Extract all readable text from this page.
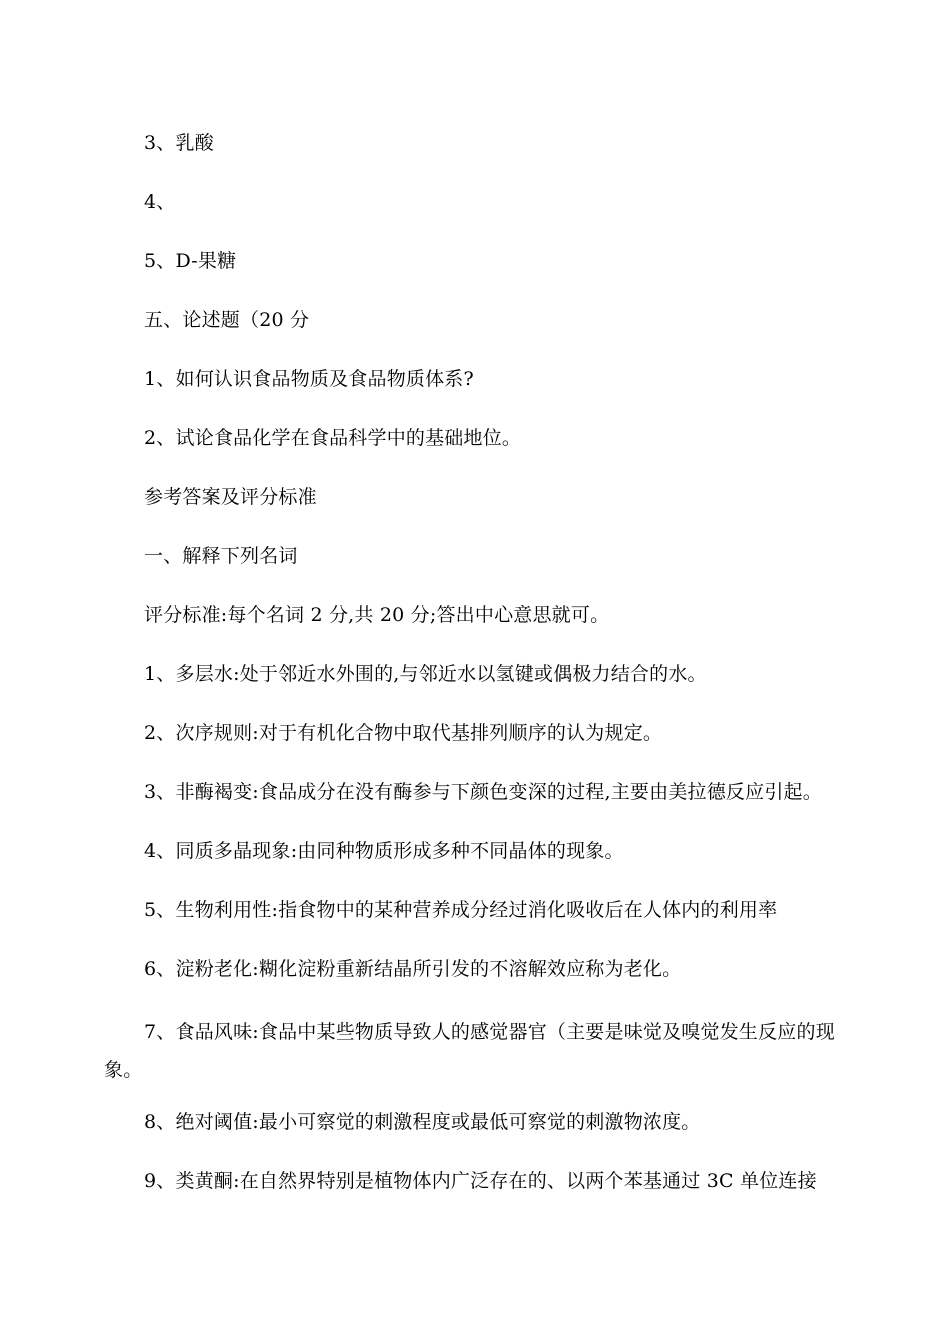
3、乳酸

4、

5、D-果糖

五、论述题（20 分

1、如何认识食品物质及食品物质体系?

2、试论食品化学在食品科学中的基础地位。

参考答案及评分标准

一、解释下列名词

评分标准:每个名词 2 分,共 20 分;答出中心意思就可。

1、多层水:处于邻近水外围的,与邻近水以氢键或偶极力结合的水。

2、次序规则:对于有机化合物中取代基排列顺序的认为规定。

3、非酶褐变:食品成分在没有酶参与下颜色变深的过程,主要由美拉德反应引起。

4、同质多晶现象:由同种物质形成多种不同晶体的现象。

5、生物利用性:指食物中的某种营养成分经过消化吸收后在人体内的利用率

6、淀粉老化:糊化淀粉重新结晶所引发的不溶解效应称为老化。

7、食品风味:食品中某些物质导致人的感觉器官（主要是味觉及嗅觉发生反应的现象。

8、绝对阈值:最小可察觉的刺激程度或最低可察觉的刺激物浓度。

9、类黄酮:在自然界特别是植物体内广泛存在的、以两个苯基通过 3C 单位连接
